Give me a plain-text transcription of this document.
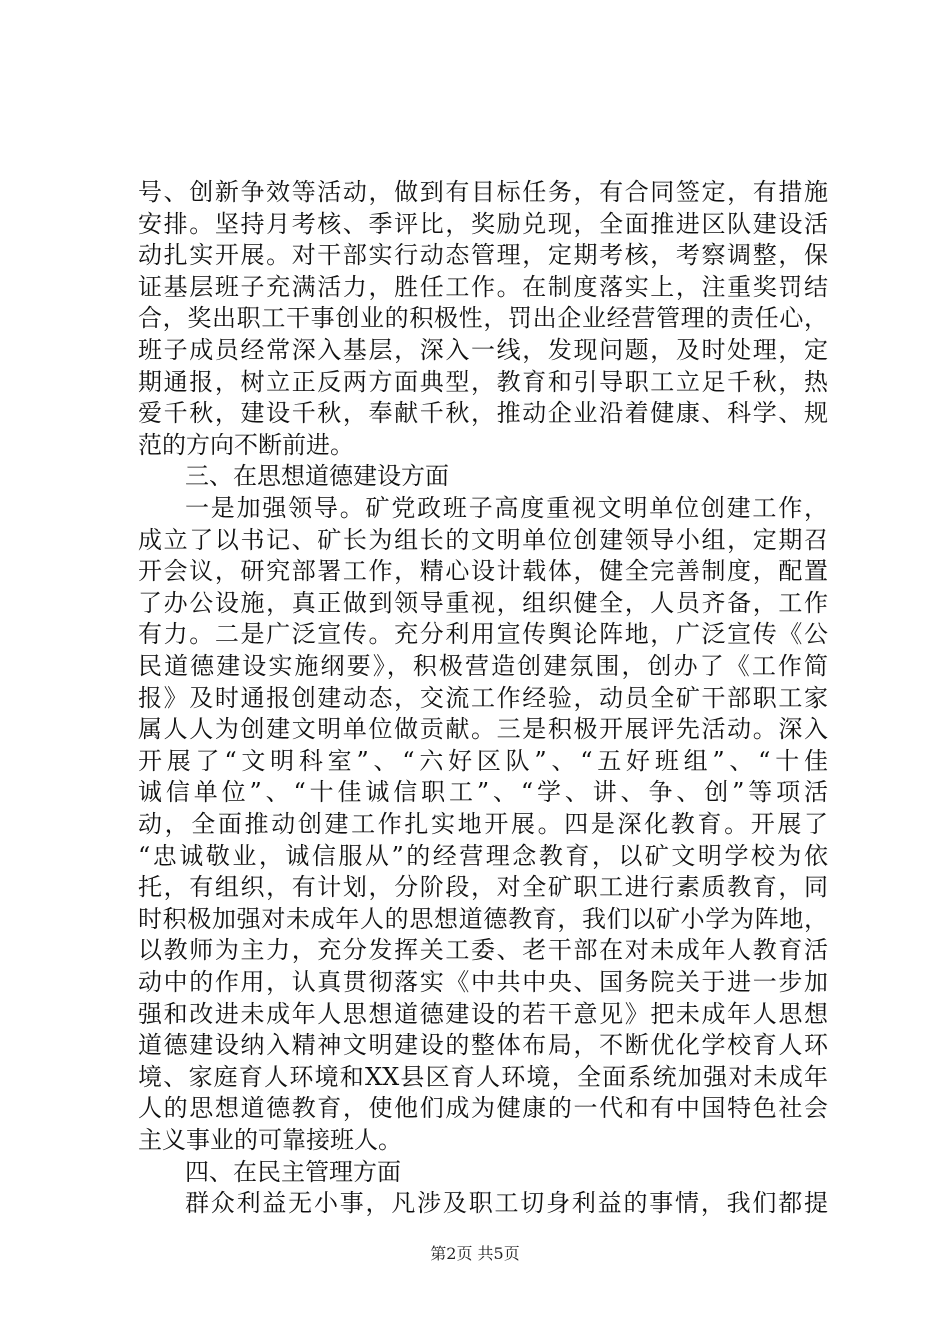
号、创新争效等活动，做到有目标任务，有合同签定，有措施
安排。坚持月考核、季评比，奖励兑现，全面推进区队建设活
动扎实开展。对干部实行动态管理，定期考核，考察调整，保
证基层班子充满活力，胜任工作。在制度落实上，注重奖罚结
合，奖出职工干事创业的积极性，罚出企业经营管理的责任心，
班子成员经常深入基层，深入一线，发现问题，及时处理，定
期通报，树立正反两方面典型，教育和引导职工立足千秋，热
爱千秋，建设千秋，奉献千秋，推动企业沿着健康、科学、规
范的方向不断前进。
三、在思想道德建设方面
一是加强领导。矿党政班子高度重视文明单位创建工作，
成立了以书记、矿长为组长的文明单位创建领导小组，定期召
开会议，研究部署工作，精心设计载体，健全完善制度，配置
了办公设施，真正做到领导重视，组织健全，人员齐备，工作
有力。二是广泛宣传。充分利用宣传舆论阵地，广泛宣传《公
民道德建设实施纲要》，积极营造创建氛围，创办了《工作简
报》及时通报创建动态，交流工作经验，动员全矿干部职工家
属人人为创建文明单位做贡献。三是积极开展评先活动。深入
开展了“文明科室”、“六好区队”、“五好班组”、“十佳
诚信单位”、“十佳诚信职工”、“学、讲、争、创”等项活
动，全面推动创建工作扎实地开展。四是深化教育。开展了
“忠诚敬业，诚信服从”的经营理念教育，以矿文明学校为依
托，有组织，有计划，分阶段，对全矿职工进行素质教育，同
时积极加强对未成年人的思想道德教育，我们以矿小学为阵地，
以教师为主力，充分发挥关工委、老干部在对未成年人教育活
动中的作用，认真贯彻落实《中共中央、国务院关于进一步加
强和改进未成年人思想道德建设的若干意见》把未成年人思想
道德建设纳入精神文明建设的整体布局，不断优化学校育人环
境、家庭育人环境和XX县区育人环境，全面系统加强对未成年
人的思想道德教育，使他们成为健康的一代和有中国特色社会
主义事业的可靠接班人。
四、在民主管理方面
群众利益无小事，凡涉及职工切身利益的事情，我们都提
第2页 共5页
